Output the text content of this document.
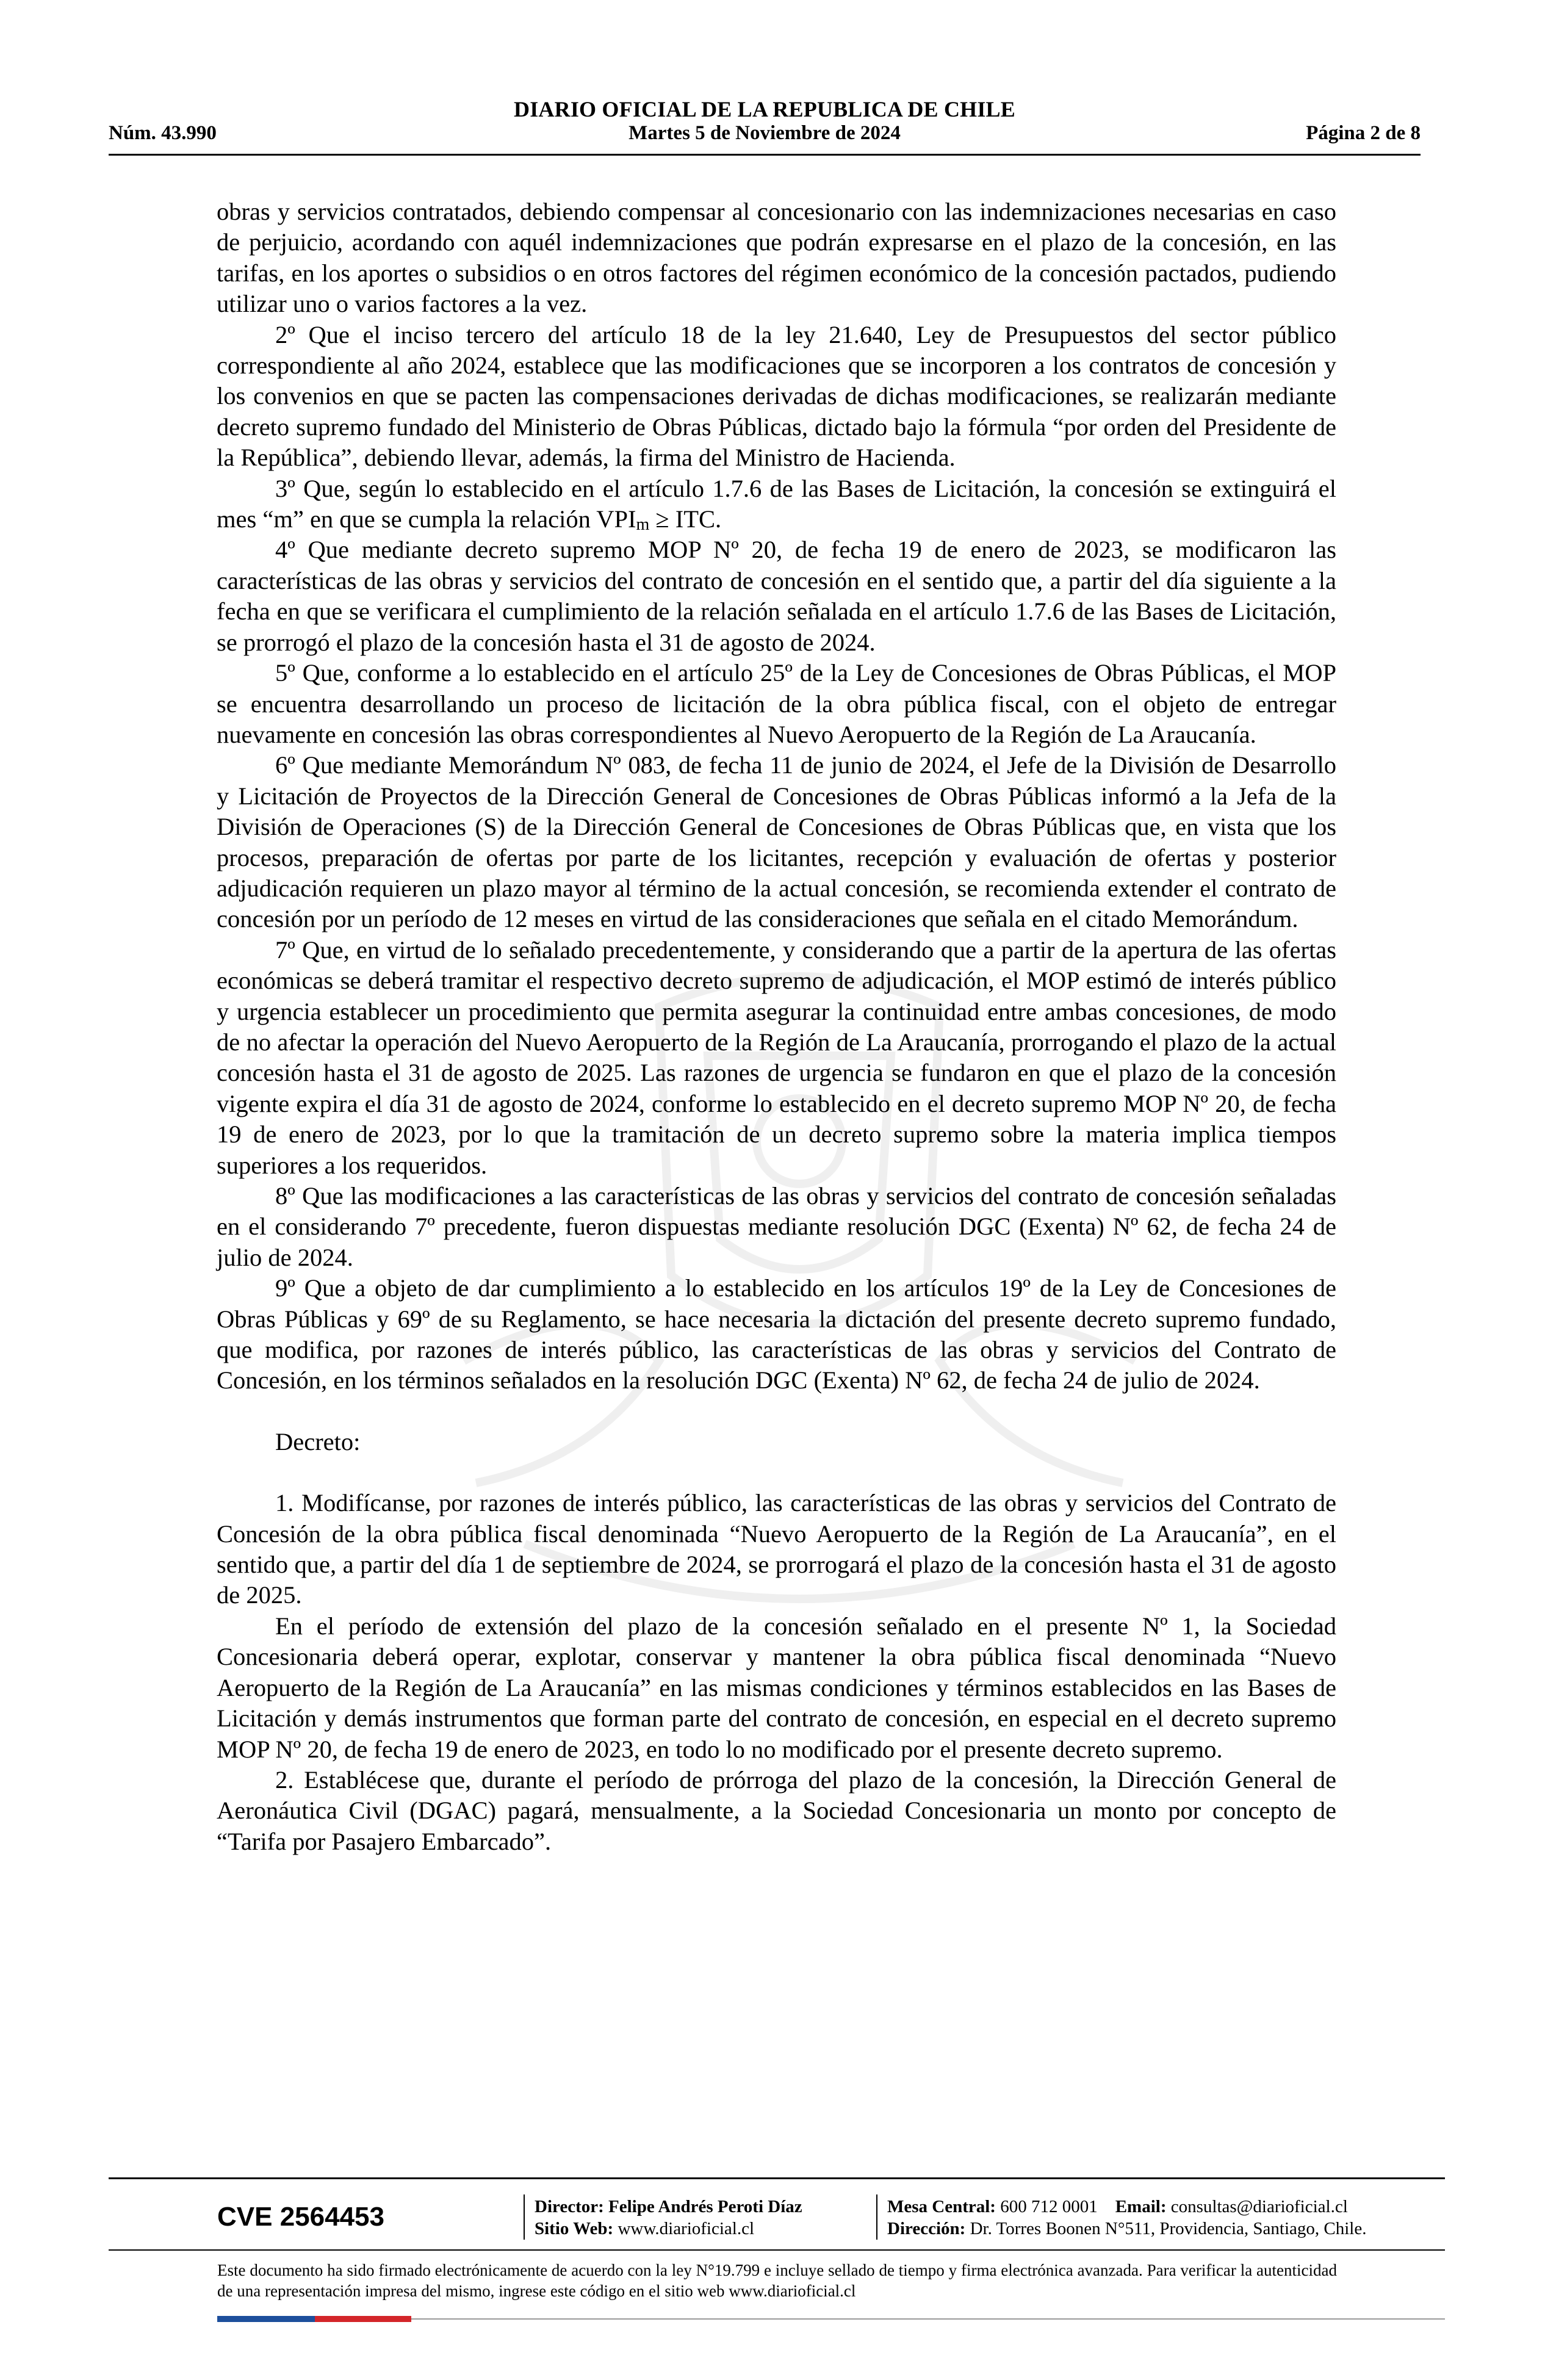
DIARIO OFICIAL DE LA REPUBLICA DE CHILE
Núm. 43.990	Martes 5 de Noviembre de 2024	Página 2 de 8

obras y servicios contratados, debiendo compensar al concesionario con las indemnizaciones necesarias en caso de perjuicio, acordando con aquél indemnizaciones que podrán expresarse en el plazo de la concesión, en las tarifas, en los aportes o subsidios o en otros factores del régimen económico de la concesión pactados, pudiendo utilizar uno o varios factores a la vez.

2º Que el inciso tercero del artículo 18 de la ley 21.640, Ley de Presupuestos del sector público correspondiente al año 2024, establece que las modificaciones que se incorporen a los contratos de concesión y los convenios en que se pacten las compensaciones derivadas de dichas modificaciones, se realizarán mediante decreto supremo fundado del Ministerio de Obras Públicas, dictado bajo la fórmula “por orden del Presidente de la República”, debiendo llevar, además, la firma del Ministro de Hacienda.

3º Que, según lo establecido en el artículo 1.7.6 de las Bases de Licitación, la concesión se extinguirá el mes “m” en que se cumpla la relación $VPI_m$ ≥ ITC.

4º Que mediante decreto supremo MOP Nº 20, de fecha 19 de enero de 2023, se modificaron las características de las obras y servicios del contrato de concesión en el sentido que, a partir del día siguiente a la fecha en que se verificara el cumplimiento de la relación señalada en el artículo 1.7.6 de las Bases de Licitación, se prorrogó el plazo de la concesión hasta el 31 de agosto de 2024.

5º Que, conforme a lo establecido en el artículo 25º de la Ley de Concesiones de Obras Públicas, el MOP se encuentra desarrollando un proceso de licitación de la obra pública fiscal, con el objeto de entregar nuevamente en concesión las obras correspondientes al Nuevo Aeropuerto de la Región de La Araucanía.

6º Que mediante Memorándum Nº 083, de fecha 11 de junio de 2024, el Jefe de la División de Desarrollo y Licitación de Proyectos de la Dirección General de Concesiones de Obras Públicas informó a la Jefa de la División de Operaciones (S) de la Dirección General de Concesiones de Obras Públicas que, en vista que los procesos, preparación de ofertas por parte de los licitantes, recepción y evaluación de ofertas y posterior adjudicación requieren un plazo mayor al término de la actual concesión, se recomienda extender el contrato de concesión por un período de 12 meses en virtud de las consideraciones que señala en el citado Memorándum.

7º Que, en virtud de lo señalado precedentemente, y considerando que a partir de la apertura de las ofertas económicas se deberá tramitar el respectivo decreto supremo de adjudicación, el MOP estimó de interés público y urgencia establecer un procedimiento que permita asegurar la continuidad entre ambas concesiones, de modo de no afectar la operación del Nuevo Aeropuerto de la Región de La Araucanía, prorrogando el plazo de la actual concesión hasta el 31 de agosto de 2025. Las razones de urgencia se fundaron en que el plazo de la concesión vigente expira el día 31 de agosto de 2024, conforme lo establecido en el decreto supremo MOP Nº 20, de fecha 19 de enero de 2023, por lo que la tramitación de un decreto supremo sobre la materia implica tiempos superiores a los requeridos.

8º Que las modificaciones a las características de las obras y servicios del contrato de concesión señaladas en el considerando 7º precedente, fueron dispuestas mediante resolución DGC (Exenta) Nº 62, de fecha 24 de julio de 2024.

9º Que a objeto de dar cumplimiento a lo establecido en los artículos 19º de la Ley de Concesiones de Obras Públicas y 69º de su Reglamento, se hace necesaria la dictación del presente decreto supremo fundado, que modifica, por razones de interés público, las características de las obras y servicios del Contrato de Concesión, en los términos señalados en la resolución DGC (Exenta) Nº 62, de fecha 24 de julio de 2024.

Decreto:

1. Modifícanse, por razones de interés público, las características de las obras y servicios del Contrato de Concesión de la obra pública fiscal denominada “Nuevo Aeropuerto de la Región de La Araucanía”, en el sentido que, a partir del día 1 de septiembre de 2024, se prorrogará el plazo de la concesión hasta el 31 de agosto de 2025.

En el período de extensión del plazo de la concesión señalado en el presente Nº 1, la Sociedad Concesionaria deberá operar, explotar, conservar y mantener la obra pública fiscal denominada “Nuevo Aeropuerto de la Región de La Araucanía” en las mismas condiciones y términos establecidos en las Bases de Licitación y demás instrumentos que forman parte del contrato de concesión, en especial en el decreto supremo MOP Nº 20, de fecha 19 de enero de 2023, en todo lo no modificado por el presente decreto supremo.

2. Establécese que, durante el período de prórroga del plazo de la concesión, la Dirección General de Aeronáutica Civil (DGAC) pagará, mensualmente, a la Sociedad Concesionaria un monto por concepto de “Tarifa por Pasajero Embarcado”.

CVE 2564453	Director: Felipe Andrés Peroti Díaz
Sitio Web: www.diarioficial.cl
Mesa Central: 600 712 0001 Email: consultas@diarioficial.cl
Dirección: Dr. Torres Boonen N°511, Providencia, Santiago, Chile.
Este documento ha sido firmado electrónicamente de acuerdo con la ley N°19.799 e incluye sellado de tiempo y firma electrónica avanzada. Para verificar la autenticidad de una representación impresa del mismo, ingrese este código en el sitio web www.diarioficial.cl
